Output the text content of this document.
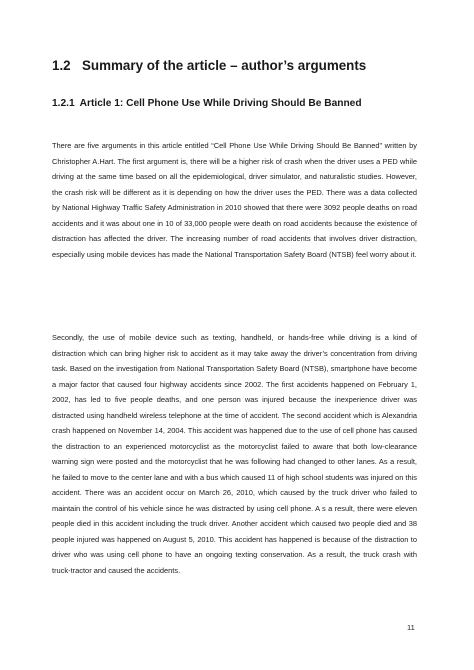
1.2 Summary of the article – author’s arguments
1.2.1 Article 1: Cell Phone Use While Driving Should Be Banned

There are five arguments in this article entitled “Cell Phone Use While Driving Should Be Banned” written by Christopher A.Hart. The first argument is, there will be a higher risk of crash when the driver uses a PED while driving at the same time based on all the epidemiological, driver simulator, and naturalistic studies. However, the crash risk will be different as it is depending on how the driver uses the PED. There was a data collected by National Highway Traffic Safety Administration in 2010 showed that there were 3092 people deaths on road accidents and it was about one in 10 of 33,000 people were death on road accidents because the existence of distraction has affected the driver. The increasing number of road accidents that involves driver distraction, especially using mobile devices has made the National Transportation Safety Board (NTSB) feel worry about it.

Secondly, the use of mobile device such as texting, handheld, or hands-free while driving is a kind of distraction which can bring higher risk to accident as it may take away the driver’s concentration from driving task. Based on the investigation from National Transportation Safety Board (NTSB), smartphone have become a major factor that caused four highway accidents since 2002. The first accidents happened on February 1, 2002, has led to five people deaths, and one person was injured because the inexperience driver was distracted using handheld wireless telephone at the time of accident. The second accident which is Alexandria crash happened on November 14, 2004. This accident was happened due to the use of cell phone has caused the distraction to an experienced motorcyclist as the motorcyclist failed to aware that both low-clearance warning sign were posted and the motorcyclist that he was following had changed to other lanes. As a result, he failed to move to the center lane and with a bus which caused 11 of high school students was injured on this accident. There was an accident occur on March 26, 2010, which caused by the truck driver who failed to maintain the control of his vehicle since he was distracted by using cell phone. A s a result, there were eleven people died in this accident including the truck driver. Another accident which caused two people died and 38 people injured was happened on August 5, 2010. This accident has happened is because of the distraction to driver who was using cell phone to have an ongoing texting conservation. As a result, the truck crash with truck-tractor and caused the accidents.

11
